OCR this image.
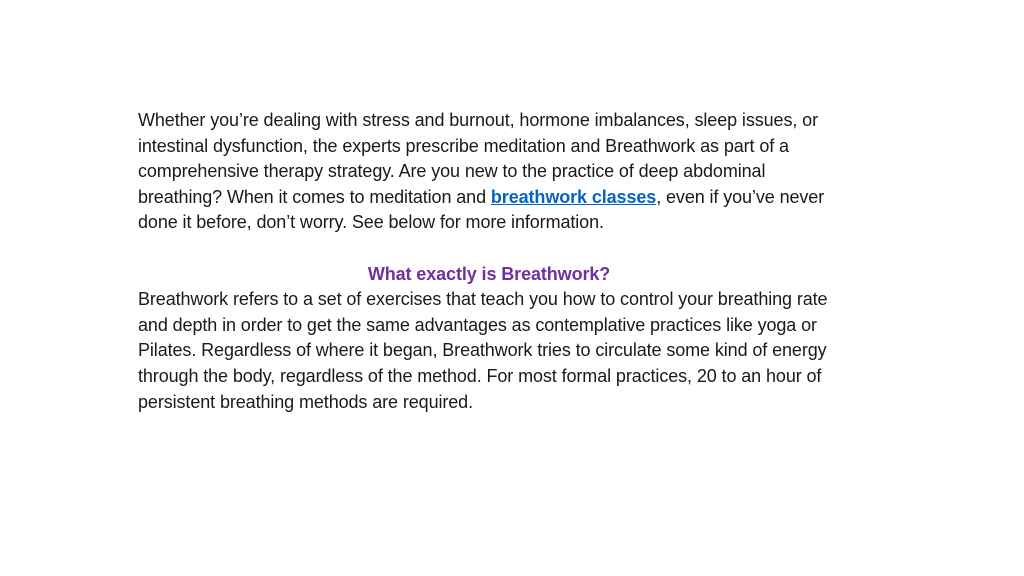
Whether you’re dealing with stress and burnout, hormone imbalances, sleep issues, or intestinal dysfunction, the experts prescribe meditation and Breathwork as part of a comprehensive therapy strategy. Are you new to the practice of deep abdominal breathing? When it comes to meditation and breathwork classes, even if you’ve never done it before, don’t worry. See below for more information.

What exactly is Breathwork?

Breathwork refers to a set of exercises that teach you how to control your breathing rate and depth in order to get the same advantages as contemplative practices like yoga or Pilates. Regardless of where it began, Breathwork tries to circulate some kind of energy through the body, regardless of the method. For most formal practices, 20 to an hour of persistent breathing methods are required.
